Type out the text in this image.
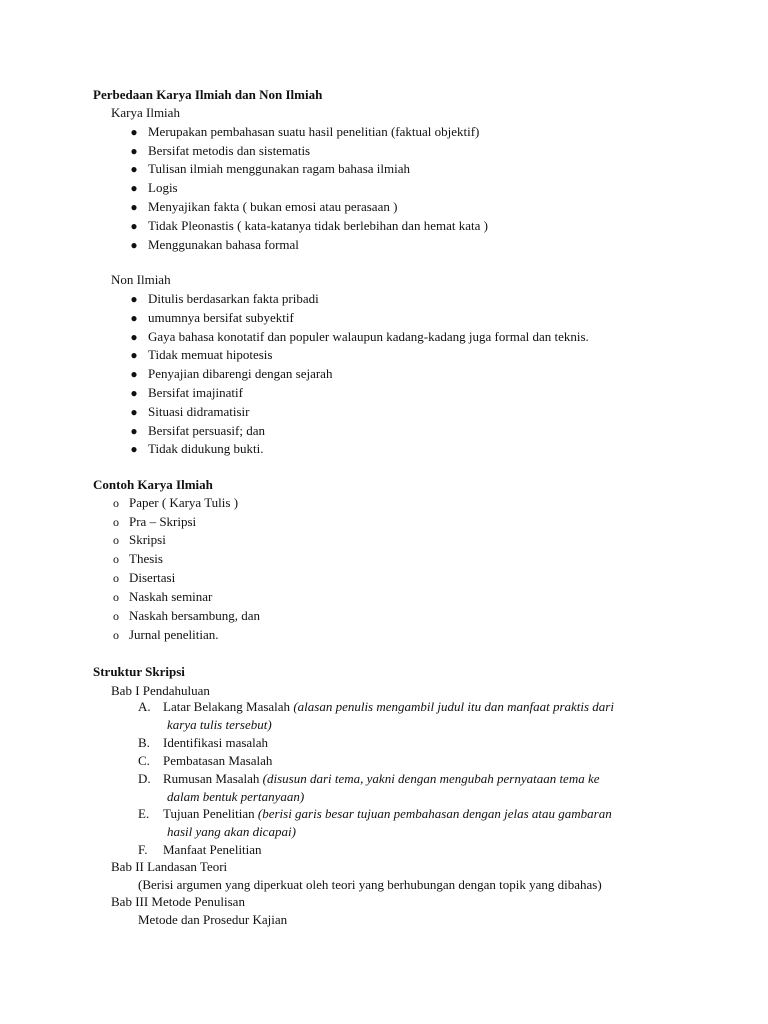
Perbedaan Karya Ilmiah dan Non Ilmiah
Karya Ilmiah
● Merupakan pembahasan suatu hasil penelitian (faktual objektif)
● Bersifat metodis dan sistematis
● Tulisan ilmiah menggunakan ragam bahasa ilmiah
● Logis
● Menyajikan fakta ( bukan emosi atau perasaan )
● Tidak Pleonastis ( kata-katanya tidak berlebihan dan hemat kata )
● Menggunakan bahasa formal
Non Ilmiah
● Ditulis berdasarkan fakta pribadi
● umumnya bersifat subyektif
● Gaya bahasa konotatif dan populer walaupun kadang-kadang juga formal dan teknis.
● Tidak memuat hipotesis
● Penyajian dibarengi dengan sejarah
● Bersifat imajinatif
● Situasi didramatisir
● Bersifat persuasif; dan
● Tidak didukung bukti.
Contoh Karya Ilmiah
o Paper ( Karya Tulis )
o Pra – Skripsi
o Skripsi
o Thesis
o Disertasi
o Naskah seminar
o Naskah bersambung, dan
o Jurnal penelitian.
Struktur Skripsi
Bab I Pendahuluan
A. Latar Belakang Masalah (alasan penulis mengambil judul itu dan manfaat praktis dari
karya tulis tersebut)
B. Identifikasi masalah
C. Pembatasan Masalah
D. Rumusan Masalah (disusun dari tema, yakni dengan mengubah pernyataan tema ke
dalam bentuk pertanyaan)
E. Tujuan Penelitian (berisi garis besar tujuan pembahasan dengan jelas atau gambaran
hasil yang akan dicapai)
F. Manfaat Penelitian
Bab II Landasan Teori
(Berisi argumen yang diperkuat oleh teori yang berhubungan dengan topik yang dibahas)
Bab III Metode Penulisan
Metode dan Prosedur Kajian
